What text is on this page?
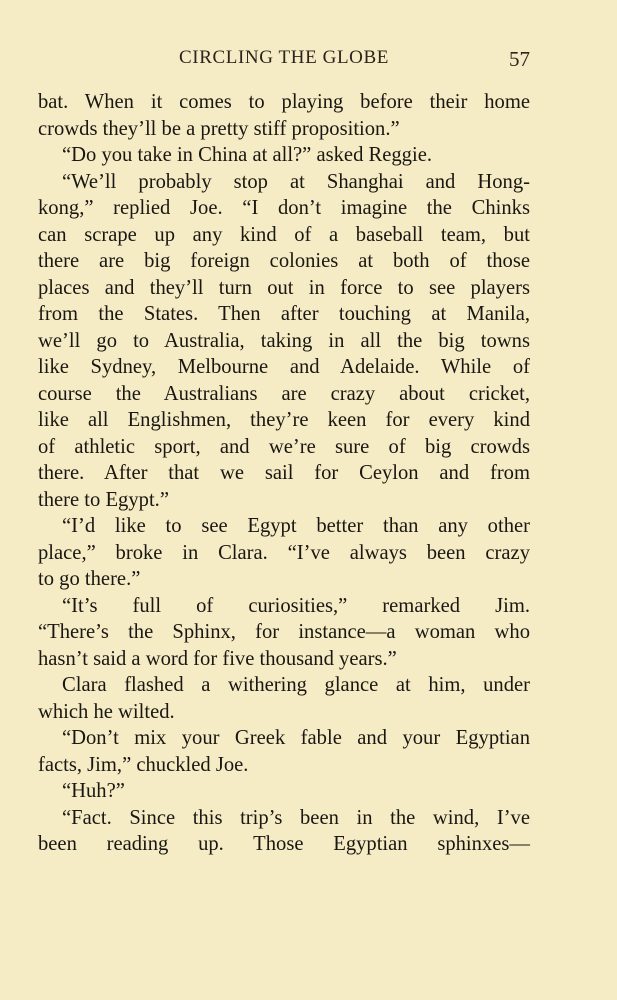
CIRCLING THE GLOBE	57
bat. When it comes to playing before their home
crowds they’ll be a pretty stiff proposition.”
“Do you take in China at all?” asked Reggie.
“We’ll probably stop at Shanghai and Hong-
kong,” replied Joe. “I don’t imagine the Chinks
can scrape up any kind of a baseball team, but
there are big foreign colonies at both of those
places and they’ll turn out in force to see players
from the States. Then after touching at Manila,
we’ll go to Australia, taking in all the big towns
like Sydney, Melbourne and Adelaide. While of
course the Australians are crazy about cricket,
like all Englishmen, they’re keen for every kind
of athletic sport, and we’re sure of big crowds
there. After that we sail for Ceylon and from
there to Egypt.”
“I’d like to see Egypt better than any other
place,” broke in Clara. “I’ve always been crazy
to go there.”
“It’s full of curiosities,” remarked Jim.
“There’s the Sphinx, for instance—a woman who
hasn’t said a word for five thousand years.”
Clara flashed a withering glance at him, under
which he wilted.
“Don’t mix your Greek fable and your Egyptian
facts, Jim,” chuckled Joe.
“Huh?”
“Fact. Since this trip’s been in the wind, I’ve
been reading up. Those Egyptian sphinxes—
